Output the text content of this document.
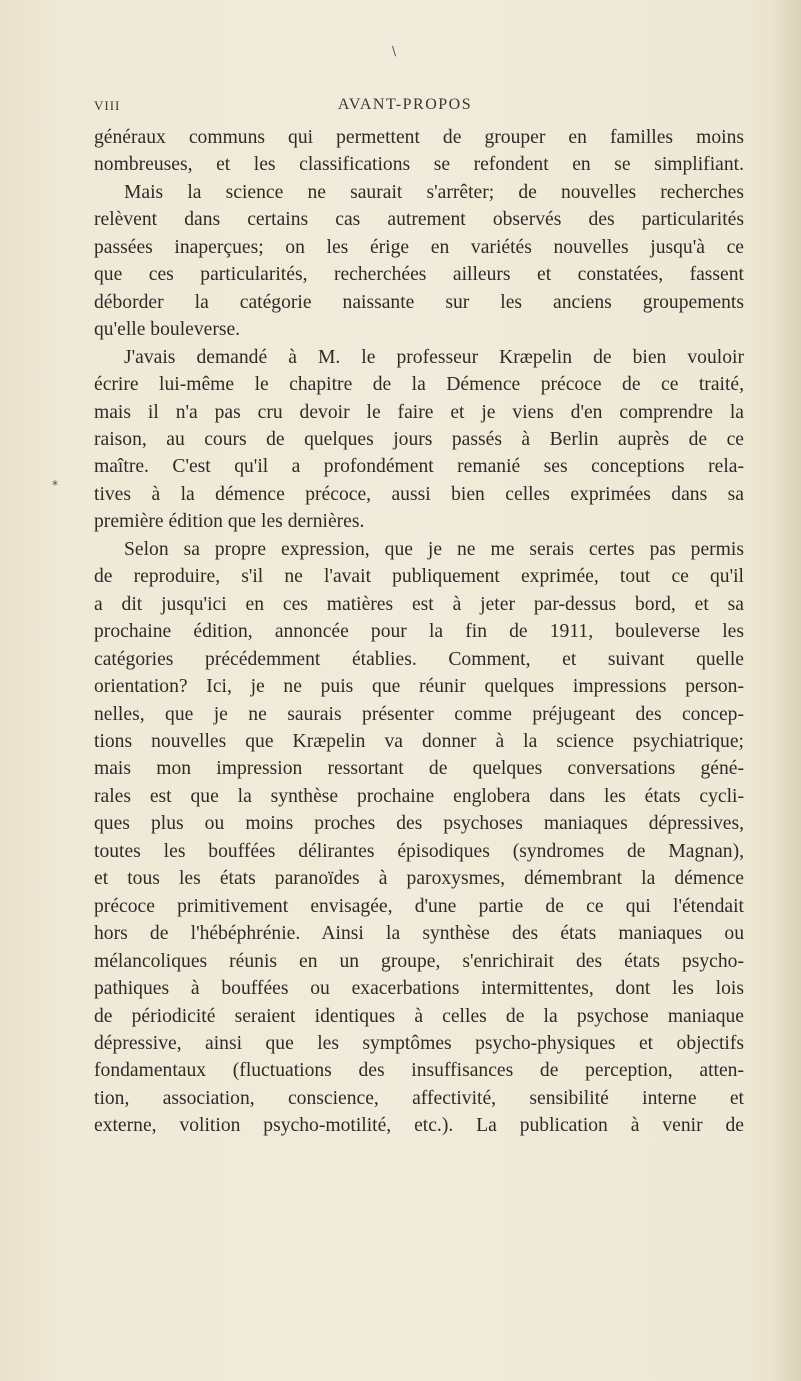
\
*
VIII	AVANT-PROPOS
généraux communs qui permettent de grouper en familles moins
nombreuses, et les classifications se refondent en se simplifiant.
Mais la science ne saurait s'arrêter; de nouvelles recherches
relèvent dans certains cas autrement observés des particularités
passées inaperçues; on les érige en variétés nouvelles jusqu'à ce
que ces particularités, recherchées ailleurs et constatées, fassent
déborder la catégorie naissante sur les anciens groupements
qu'elle bouleverse.
J'avais demandé à M. le professeur Kræpelin de bien vouloir
écrire lui-même le chapitre de la Démence précoce de ce traité,
mais il n'a pas cru devoir le faire et je viens d'en comprendre la
raison, au cours de quelques jours passés à Berlin auprès de ce
maître. C'est qu'il a profondément remanié ses conceptions rela-
tives à la démence précoce, aussi bien celles exprimées dans sa
première édition que les dernières.
Selon sa propre expression, que je ne me serais certes pas permis
de reproduire, s'il ne l'avait publiquement exprimée, tout ce qu'il
a dit jusqu'ici en ces matières est à jeter par-dessus bord, et sa
prochaine édition, annoncée pour la fin de 1911, bouleverse les
catégories précédemment établies. Comment, et suivant quelle
orientation? Ici, je ne puis que réunir quelques impressions person-
nelles, que je ne saurais présenter comme préjugeant des concep-
tions nouvelles que Kræpelin va donner à la science psychiatrique;
mais mon impression ressortant de quelques conversations géné-
rales est que la synthèse prochaine englobera dans les états cycli-
ques plus ou moins proches des psychoses maniaques dépressives,
toutes les bouffées délirantes épisodiques (syndromes de Magnan),
et tous les états paranoïdes à paroxysmes, démembrant la démence
précoce primitivement envisagée, d'une partie de ce qui l'étendait
hors de l'hébéphrénie. Ainsi la synthèse des états maniaques ou
mélancoliques réunis en un groupe, s'enrichirait des états psycho-
pathiques à bouffées ou exacerbations intermittentes, dont les lois
de périodicité seraient identiques à celles de la psychose maniaque
dépressive, ainsi que les symptômes psycho-physiques et objectifs
fondamentaux (fluctuations des insuffisances de perception, atten-
tion, association, conscience, affectivité, sensibilité interne et
externe, volition psycho-motilité, etc.). La publication à venir de
